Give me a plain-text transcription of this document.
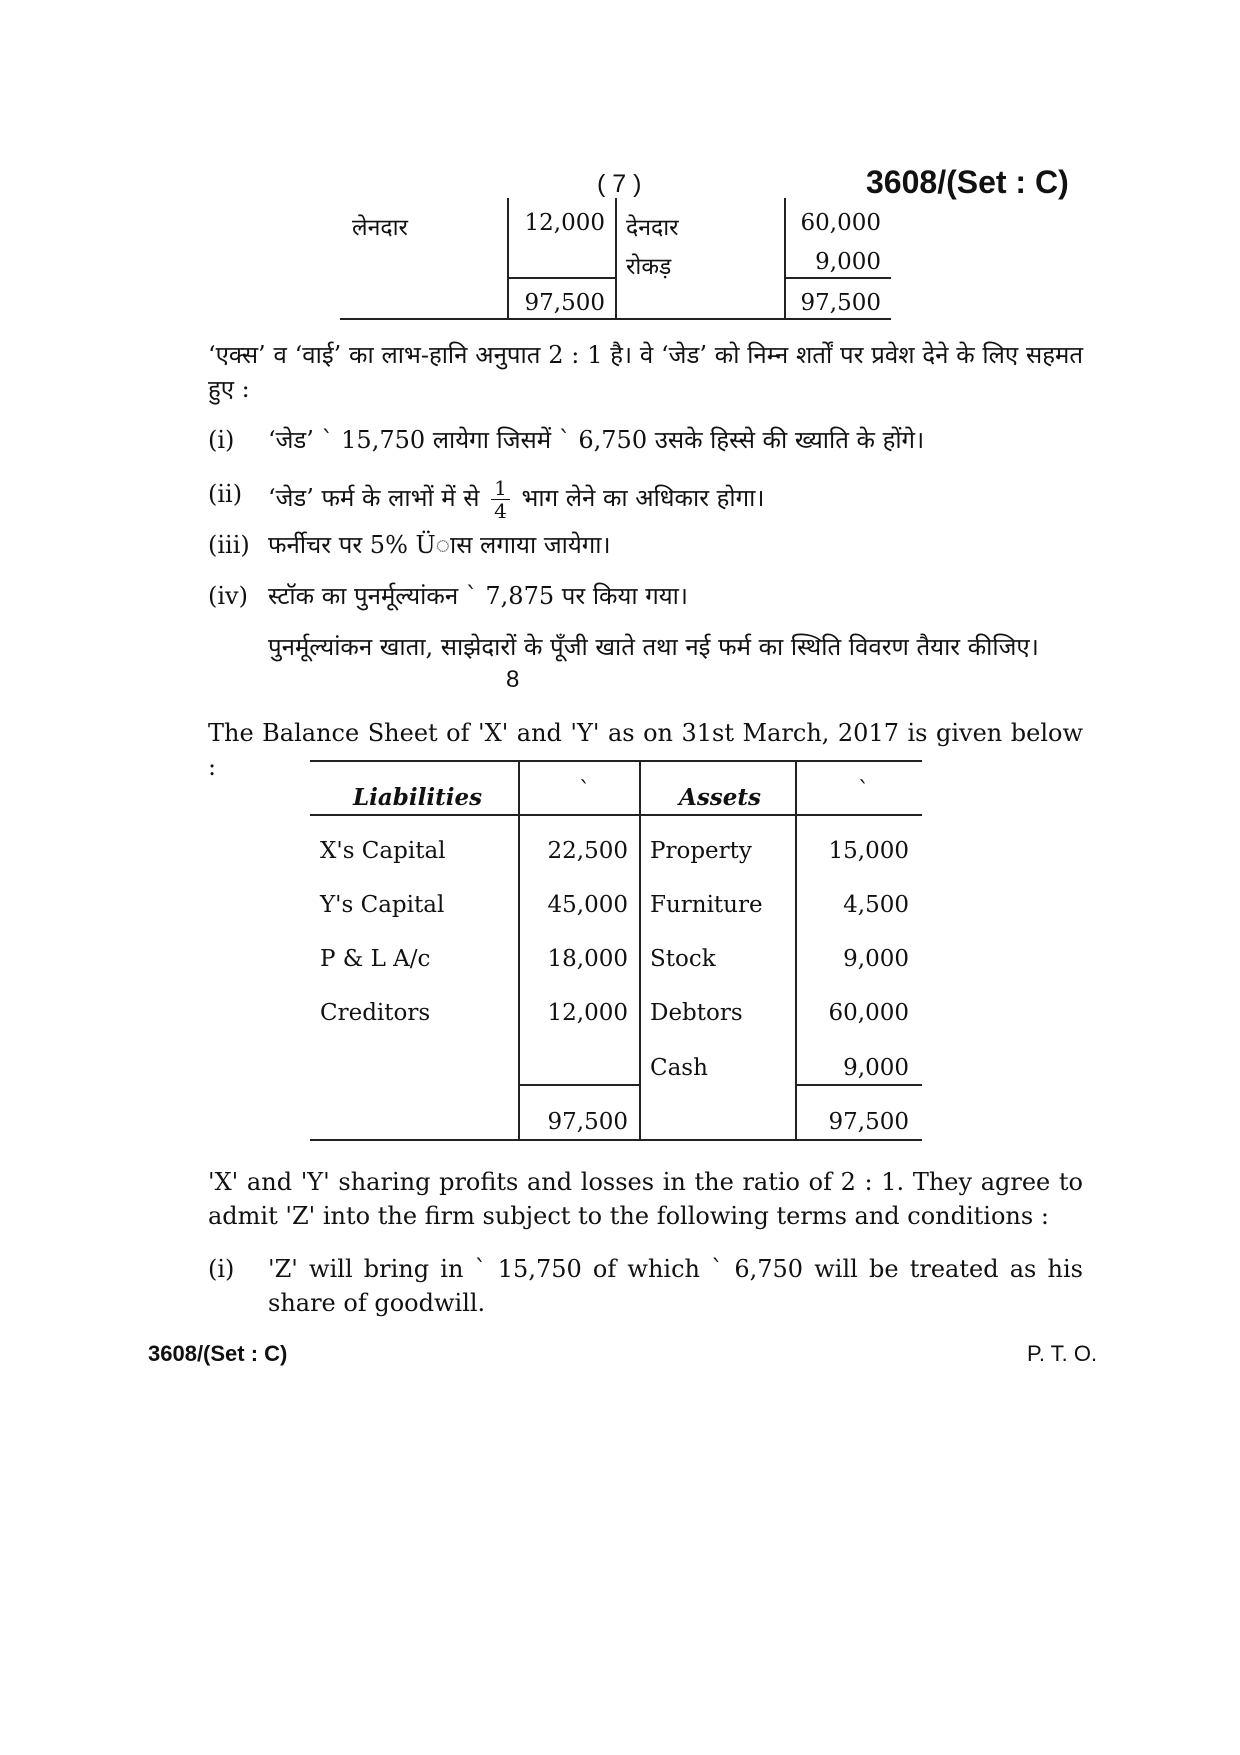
( 7 )	3608/(Set : C)
लेनदार	12,000 देनदार	60,000
रोकड़	9,000
97,500	97,500
‘एक्स’ व ‘वाई’ का लाभ-हानि अनुपात 2 : 1 है। वे ‘जेड’ को निम्न शर्तों पर प्रवेश देने के लिए सहमत हुए :
(i) ‘जेड’ ` 15,750 लायेगा जिसमें ` 6,750 उसके हिस्से की ख्याति के होंगे।
(ii) ‘जेड’ फर्म के लाभों में से $\frac{1}{4}$ भाग लेने का अधिकार होगा।
(iii) फर्नीचर पर 5% Üास लगाया जायेगा।
(iv) स्टॉक का पुनर्मूल्यांकन ` 7,875 पर किया गया।
पुनर्मूल्यांकन खाता, साझेदारों के पूँजी खाते तथा नई फर्म का स्थिति विवरण तैयार कीजिए।
8
The Balance Sheet of 'X' and 'Y' as on 31st March, 2017 is given below :
Liabilities	`	Assets	`
X's Capital	22,500 Property	15,000
Y's Capital	45,000 Furniture	4,500
P & L A/c	18,000 Stock	9,000
Creditors	12,000 Debtors	60,000
Cash	9,000
97,500	97,500
'X' and 'Y' sharing profits and losses in the ratio of 2 : 1. They agree to admit 'Z' into the firm subject to the following terms and conditions :
(i) 'Z' will bring in ` 15,750 of which ` 6,750 will be treated as his share of goodwill.
3608/(Set : C)	P. T. O.
